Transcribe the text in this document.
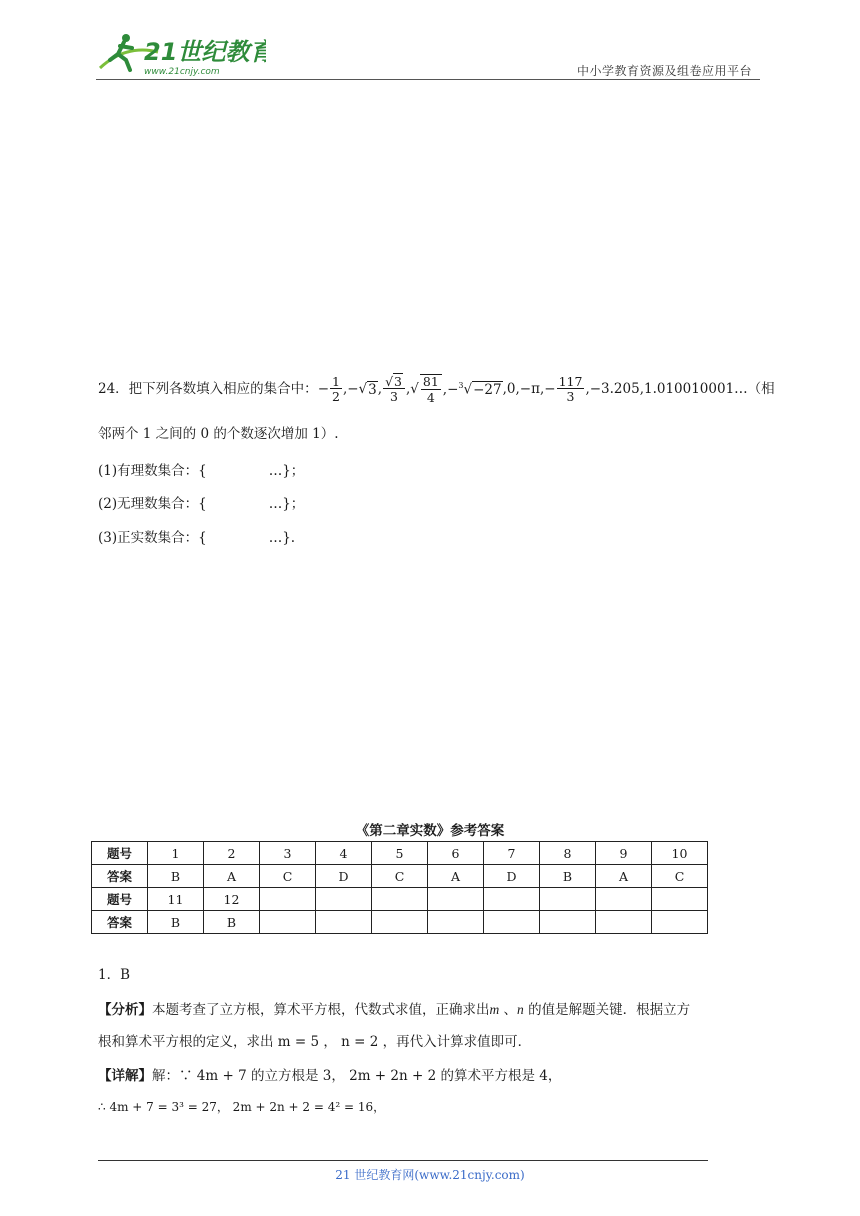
21世纪教育
www.21cnjy.com	中小学教育资源及组卷应用平台
24．把下列各数填入相应的集合中： − $\frac{1}{2}$ ,−√ 3 , $\frac{√3}{3}$ ,√ $\frac{81}{4} ,-^3√ -27$ $,0,-\pi,- \frac{117}{3}$ ,−3.205,1.010010001…（相
邻两个 1 之间的 0 的个数逐次增加 1）.
(1)有理数集合：{	…}；
(2)无理数集合：{	…}；
(3)正实数集合：{	…}.
《第二章实数》参考答案
题号	1	2	3	4	5	6	7	8	9	10
答案	B	A	C	D	C	A	D	B	A	C
题号	11	12								
答案	B	B								
1．B
【分析】本题考查了立方根，算术平方根，代数式求值，正确求出m 、n 的值是解题关键．根据立方
根和算术平方根的定义，求出 m = 5 ， n = 2 ，再代入计算求值即可．
【详解】解：∵ 4m + 7 的立方根是 3， 2m + 2n + 2 的算术平方根是 4，
∴ 4m + 7 = 3³ = 27， 2m + 2n + 2 = 4² = 16，
21 世纪教育网(www.21cnjy.com)
